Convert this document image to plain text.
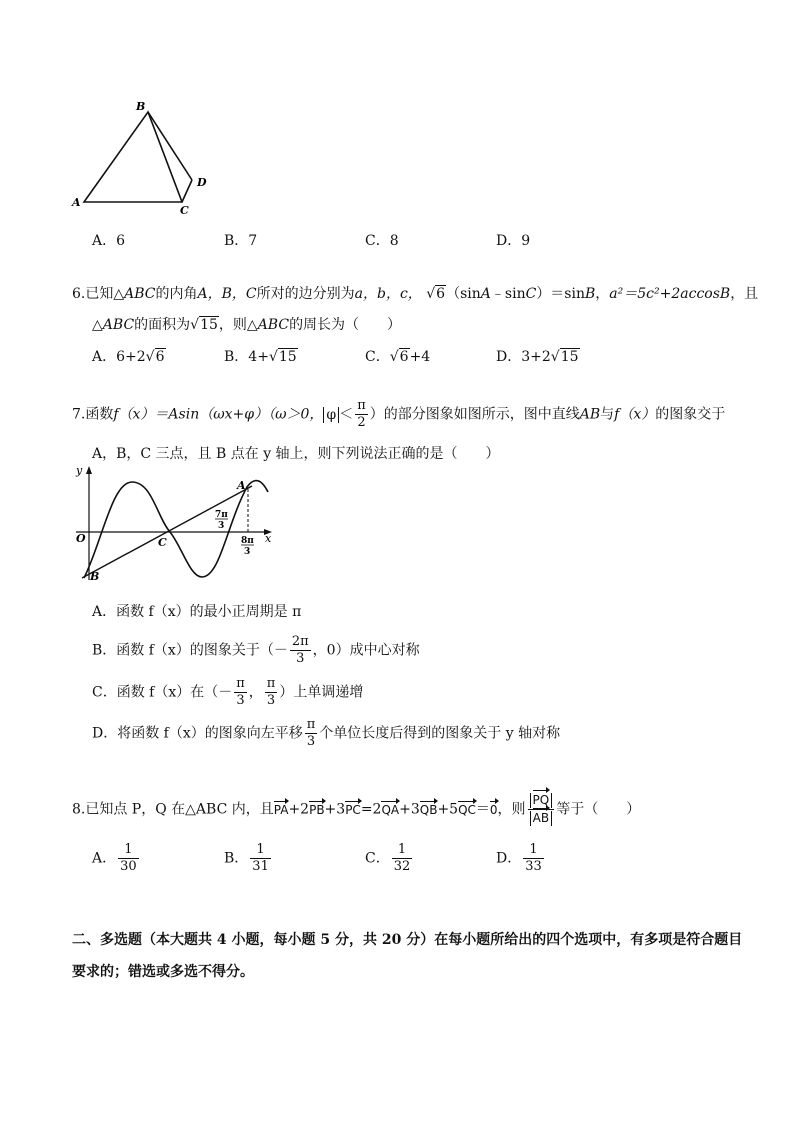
B
A
C
D
A．6	B．7	C．8	D．9
6.已知△ABC的内角A，B，C所对的边分别为a，b，c， √6（sinA﹣sinC）＝sinB，a²＝5c²+2accosB，且
△ABC的面积为√15，则△ABC的周长为（　　）
A．6+2√6	B．4+√15	C．√6+4	D．3+2√15
7.函数f（x）＝Asin（ωx+φ）（ω＞0， $\varphi < \frac{\pi}{2}$ ）的部分图象如图所示，图中直线AB与f（x）的图象交于
A，B，C 三点，且 B 点在 y 轴上，则下列说法正确的是（　　）
y
x
O
A
B
C
7π
3
8π
3
A．函数 f（x）的最小正周期是 π
B．函数 f（x）的图象关于（－ $\frac{2\pi}{3}$ ，0）成中心对称
C．函数 f（x）在（－ $\frac{\pi}{3}$ ， $\frac{\pi}{3}$ ）上单调递增
D．将函数 f（x）的图象向左平移 $\frac{\pi}{3}$ 个单位长度后得到的图象关于 y 轴对称
8.已知点 P，Q 在△ABC 内，且PA+2PB+3PC=2QA+3QB+5QC＝0，则 $\frac{PQ}{AB}$ 等于（　　）
A． $\frac{1}{30}$	B． $\frac{1}{31}$	C． $\frac{1}{32}$	D． $\frac{1}{33}$
二、多选题（本大题共 4 小题，每小题 5 分，共 20 分）在每小题所给出的四个选项中，有多项是符合题目
要求的；错选或多选不得分。
